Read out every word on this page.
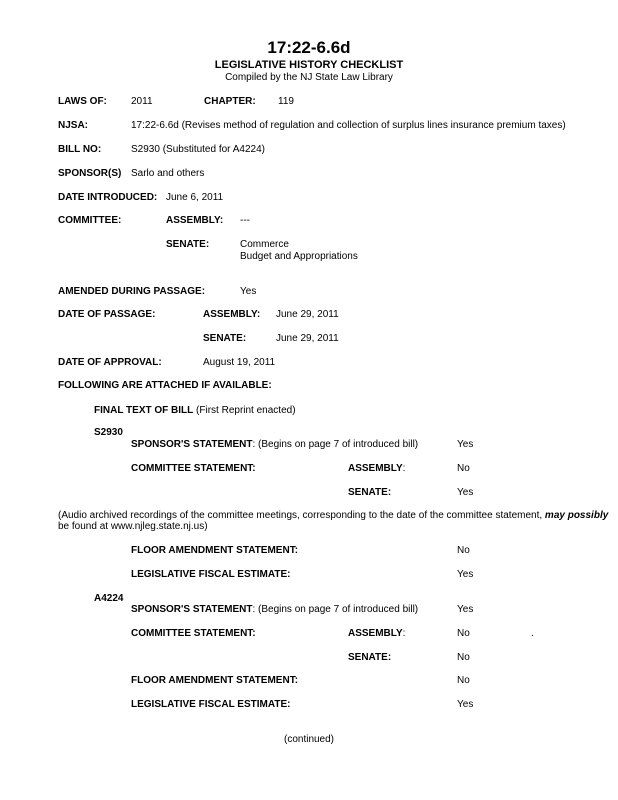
17:22-6.6d
LEGISLATIVE HISTORY CHECKLIST
Compiled by the NJ State Law Library
LAWS OF: 2011	CHAPTER: 119
NJSA:	17:22-6.6d (Revises method of regulation and collection of surplus lines insurance premium taxes)
BILL NO:	S2930 (Substituted for A4224)
SPONSOR(S) Sarlo and others
DATE INTRODUCED: June 6, 2011
COMMITTEE:	ASSEMBLY: ---
SENATE:	Commerce
Budget and Appropriations
AMENDED DURING PASSAGE:	Yes
DATE OF PASSAGE:	ASSEMBLY: June 29, 2011
SENATE:	June 29, 2011
DATE OF APPROVAL:	August 19, 2011
FOLLOWING ARE ATTACHED IF AVAILABLE:
FINAL TEXT OF BILL (First Reprint enacted)
S2930
SPONSOR'S STATEMENT: (Begins on page 7 of introduced bill)	Yes
COMMITTEE STATEMENT:	ASSEMBLY:	No
SENATE:	Yes
(Audio archived recordings of the committee meetings, corresponding to the date of the committee statement, may possibly
be found at www.njleg.state.nj.us)
FLOOR AMENDMENT STATEMENT:	No
LEGISLATIVE FISCAL ESTIMATE:	Yes
A4224
SPONSOR'S STATEMENT: (Begins on page 7 of introduced bill)	Yes
COMMITTEE STATEMENT:	ASSEMBLY:	No	.
SENATE:	No
FLOOR AMENDMENT STATEMENT:	No
LEGISLATIVE FISCAL ESTIMATE:	Yes
(continued)
